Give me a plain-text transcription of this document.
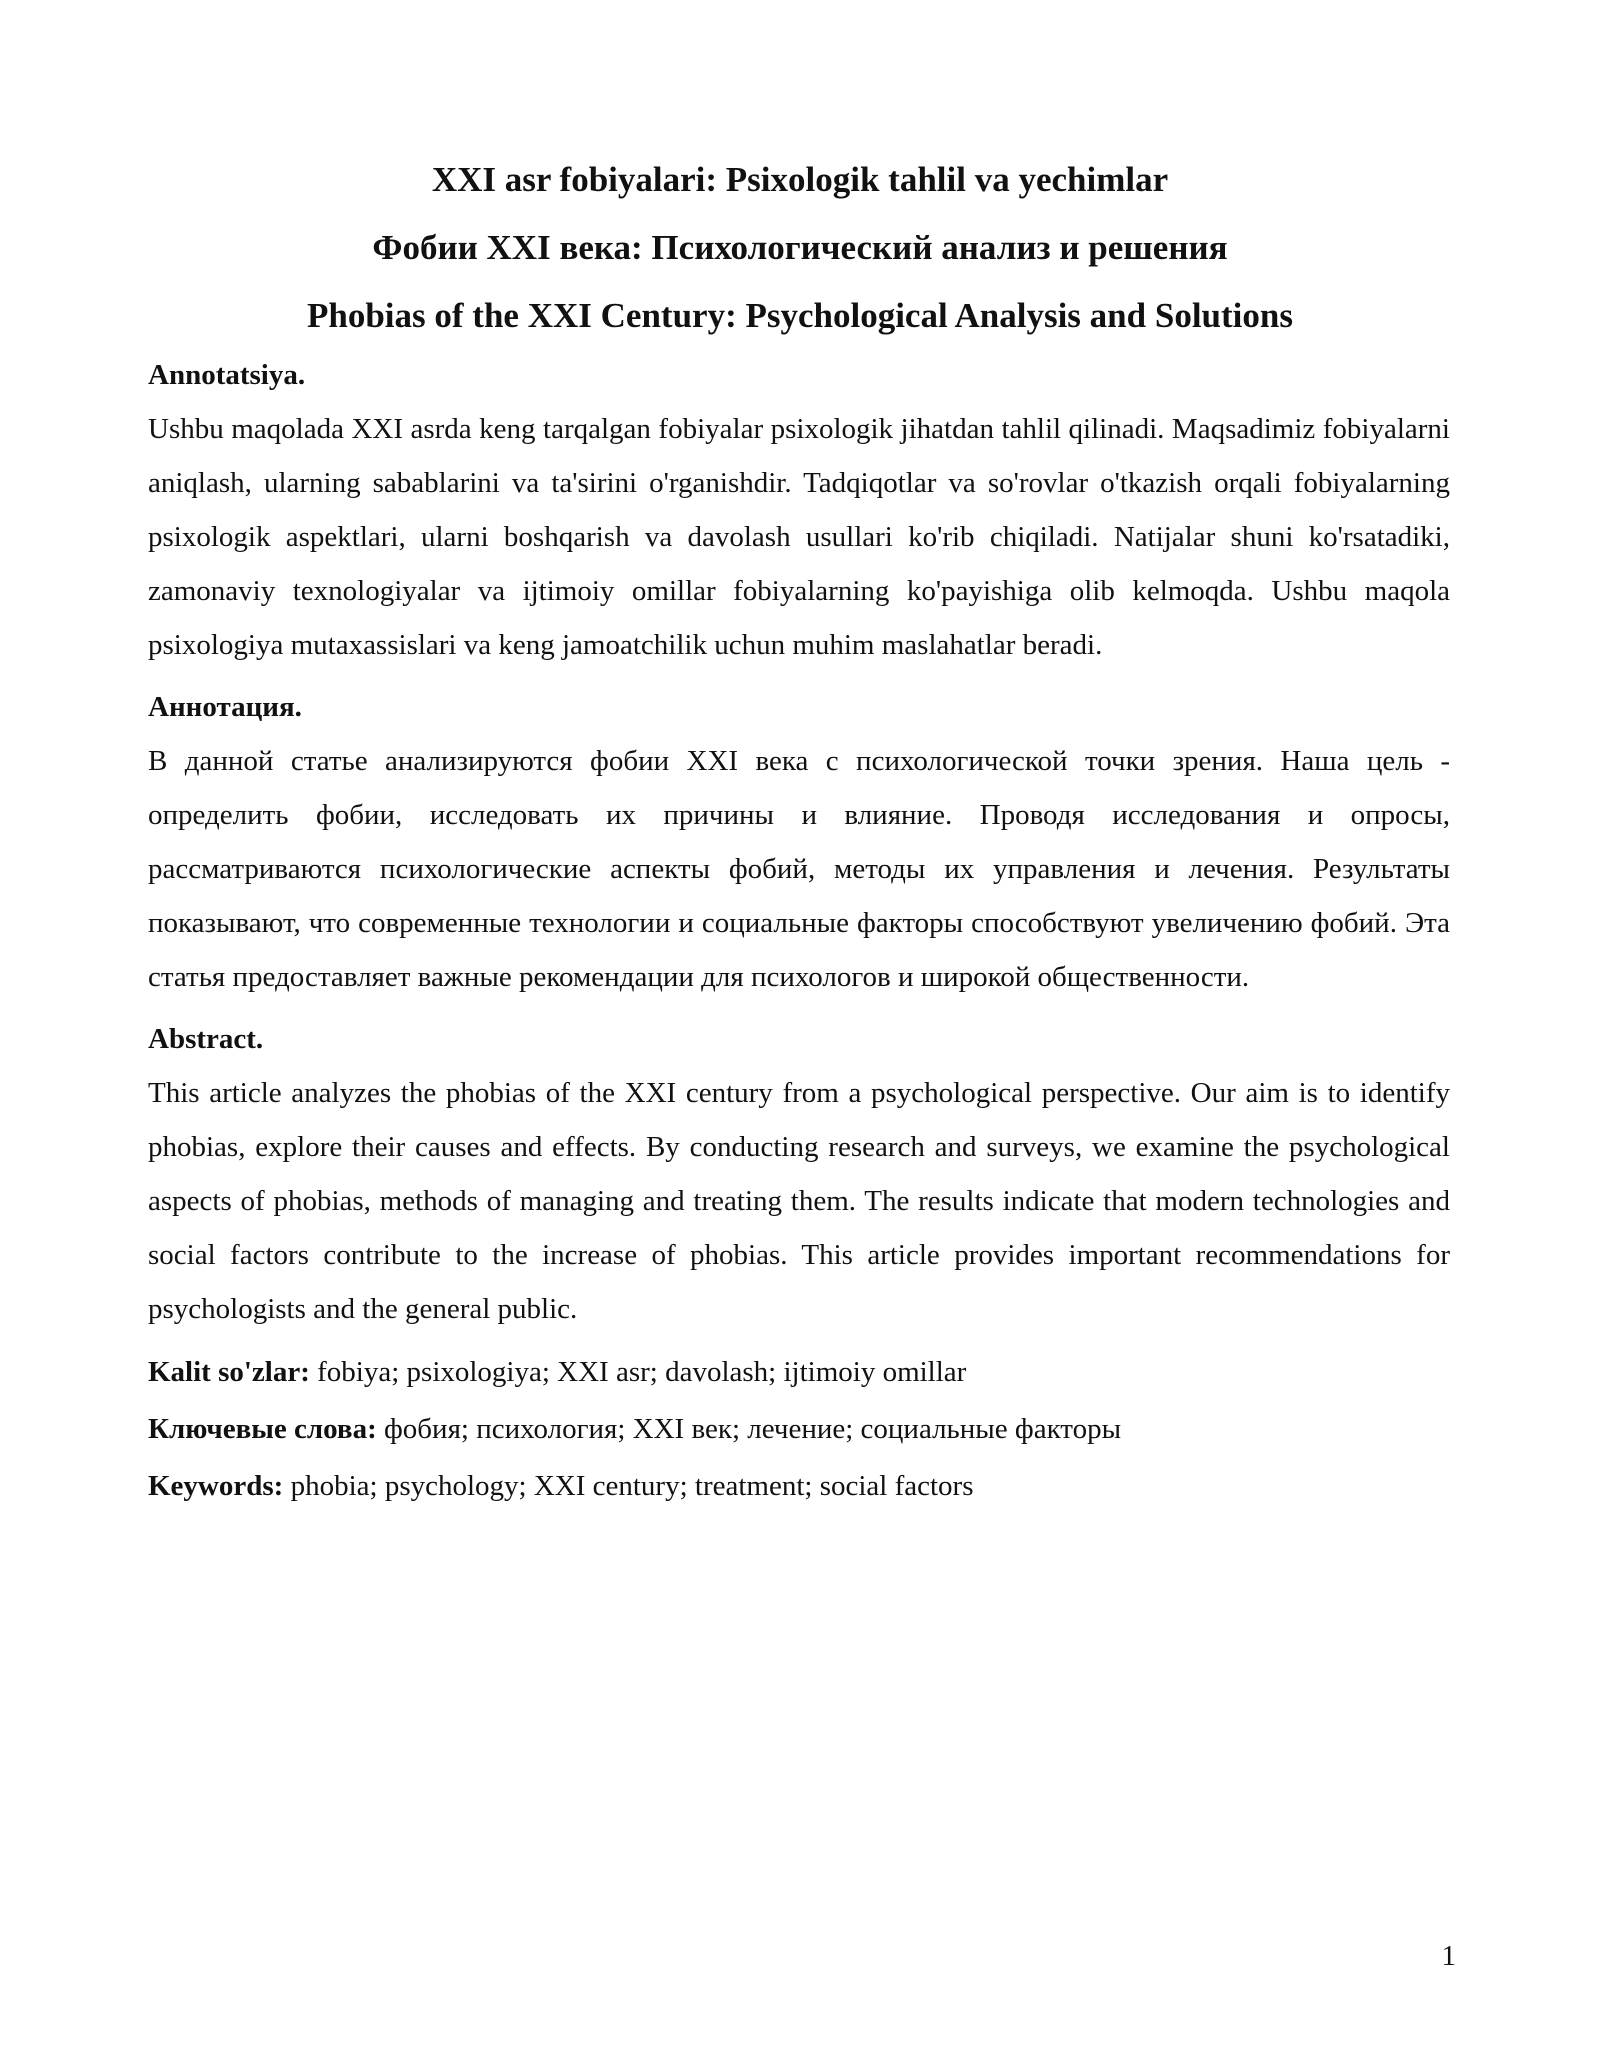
XXI asr fobiyalari: Psixologik tahlil va yechimlar

Фобии XXI века: Психологический анализ и решения

Phobias of the XXI Century: Psychological Analysis and Solutions

Annotatsiya.

Ushbu maqolada XXI asrda keng tarqalgan fobiyalar psixologik jihatdan tahlil qilinadi. Maqsadimiz fobiyalarni aniqlash, ularning sabablarini va ta'sirini o'rganishdir. Tadqiqotlar va so'rovlar o'tkazish orqali fobiyalarning psixologik aspektlari, ularni boshqarish va davolash usullari ko'rib chiqiladi. Natijalar shuni ko'rsatadiki, zamonaviy texnologiyalar va ijtimoiy omillar fobiyalarning ko'payishiga olib kelmoqda. Ushbu maqola psixologiya mutaxassislari va keng jamoatchilik uchun muhim maslahatlar beradi.

Аннотация.

В данной статье анализируются фобии XXI века с психологической точки зрения. Наша цель - определить фобии, исследовать их причины и влияние. Проводя исследования и опросы, рассматриваются психологические аспекты фобий, методы их управления и лечения. Результаты показывают, что современные технологии и социальные факторы способствуют увеличению фобий. Эта статья предоставляет важные рекомендации для психологов и широкой общественности.

Abstract.

This article analyzes the phobias of the XXI century from a psychological perspective. Our aim is to identify phobias, explore their causes and effects. By conducting research and surveys, we examine the psychological aspects of phobias, methods of managing and treating them. The results indicate that modern technologies and social factors contribute to the increase of phobias. This article provides important recommendations for psychologists and the general public.

Kalit so'zlar: fobiya; psixologiya; XXI asr; davolash; ijtimoiy omillar

Ключевые слова: фобия; психология; XXI век; лечение; социальные факторы

Keywords: phobia; psychology; XXI century; treatment; social factors

1
